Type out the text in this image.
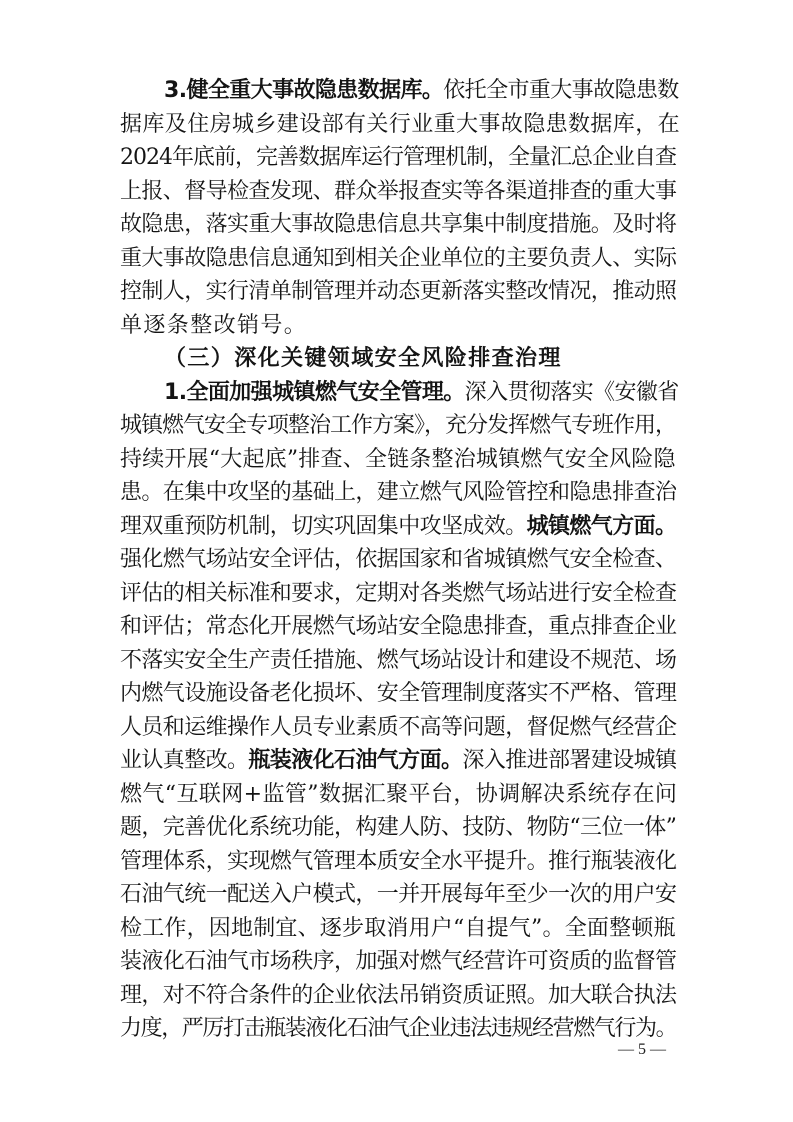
3.健全重大事故隐患数据库。依托全市重大事故隐患数

据库及住房城乡建设部有关行业重大事故隐患数据库，在

2024年底前，完善数据库运行管理机制，全量汇总企业自查

上报、督导检查发现、群众举报查实等各渠道排查的重大事

故隐患，落实重大事故隐患信息共享集中制度措施。及时将

重大事故隐患信息通知到相关企业单位的主要负责人、实际

控制人，实行清单制管理并动态更新落实整改情况，推动照

单逐条整改销号。

（三）深化关键领域安全风险排查治理

1.全面加强城镇燃气安全管理。深入贯彻落实《安徽省

城镇燃气安全专项整治工作方案》，充分发挥燃气专班作用，

持续开展“大起底”排查、全链条整治城镇燃气安全风险隐

患。在集中攻坚的基础上，建立燃气风险管控和隐患排查治

理双重预防机制，切实巩固集中攻坚成效。城镇燃气方面。

强化燃气场站安全评估，依据国家和省城镇燃气安全检查、

评估的相关标准和要求，定期对各类燃气场站进行安全检查

和评估；常态化开展燃气场站安全隐患排查，重点排查企业

不落实安全生产责任措施、燃气场站设计和建设不规范、场

内燃气设施设备老化损坏、安全管理制度落实不严格、管理

人员和运维操作人员专业素质不高等问题，督促燃气经营企

业认真整改。瓶装液化石油气方面。深入推进部署建设城镇

燃气“互联网+监管”数据汇聚平台，协调解决系统存在问

题，完善优化系统功能，构建人防、技防、物防“三位一体”

管理体系，实现燃气管理本质安全水平提升。推行瓶装液化

石油气统一配送入户模式，一并开展每年至少一次的用户安

检工作，因地制宜、逐步取消用户“自提气”。全面整顿瓶

装液化石油气市场秩序，加强对燃气经营许可资质的监督管

理，对不符合条件的企业依法吊销资质证照。加大联合执法

力度，严厉打击瓶装液化石油气企业违法违规经营燃气行为。

— 5 —
